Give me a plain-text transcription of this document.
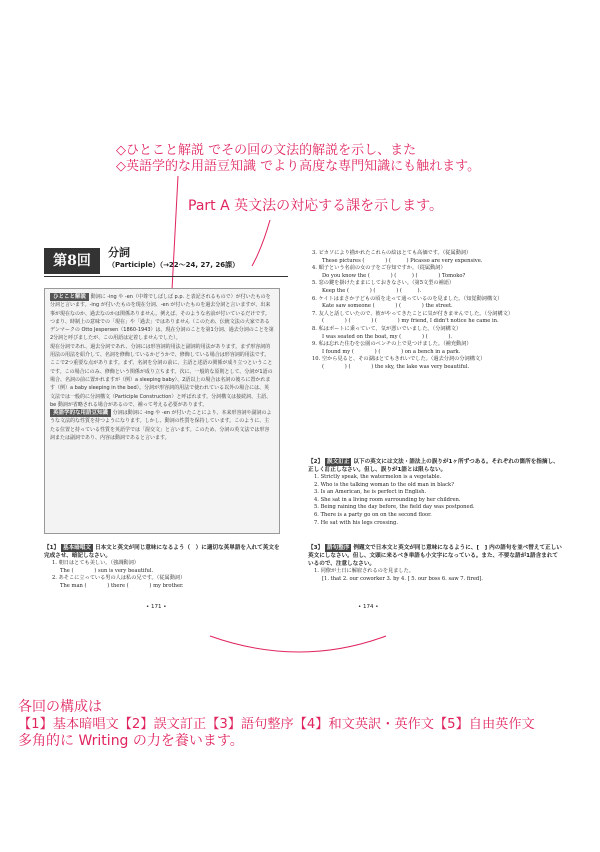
◇ひとこと解説 でその回の文法的解説を示し、また
◇英語学的な用語豆知識 でより高度な専門知識にも触れます。
Part A 英文法の対応する課を示します。
第8回
分詞
（Participle）（→22～24, 27, 26課）
ひとこと解説 動詞に -ing や -en（中尊でしばしば p.p. と表記されるもので）が付いたものを分詞と言います。-ing が付いたものを現在分詞、-en が付いたものを過去分詞と言いますが、出来事が現在なのか、過去なのかは関係ありません。例えば、そのような名前が付いているだけです。つまり、時制上の意味での「現在」や「過去」ではありません（このため、伝統文法の大家であるデンマークの Otto Jespersen（1860-1943）は、現在分詞のことを第1分詞、過去分詞のことを第2分詞と呼びましたが、この用語は定着しませんでした）。
現在分詞であれ、過去分詞であれ、分詞には形容詞的用法と副詞的用法があります。まず形容詞的用法の用法を紹介して、名詞を修飾しているかどうかで、修飾している場合は形容詞的用法です。ここで2つ重要な点があります。まず、名詞を分詞の前に、主語と述語の関係が成り立つということです。この場合にのみ、修飾という関係が成り立ちます。次に、一般的な原則として、分詞が1語の場合、名詞の前に置かれますが（例）a sleeping baby）、2語以上の場合は名詞の後ろに置かれます（例）a baby sleeping in the bed）。分詞が形容詞的用法で使われている以外の場合には、英文法では一般的に分詞構文（Participle Construction）と呼ばれます。分詞構文は接続詞、主語、be 動詞が省略される場合があるので、補って考える必要があります。
英語学的な用語豆知識 分詞は動詞に -ing や -en が付いたことにより、本来形容詞や副詞のような文法的な性質を持つようになります。しかし、動詞の性質を保持しています。このように、主たる位置と持っている性質を英語学では「混交文」と言います。このため、分詞の英文法では形容詞または副詞であり、内容は動詞であると言います。
【1】 基本暗唱文 日本文と英文が同じ意味になるよう（　）に適切な英単語を入れて英文を完成させ、暗記しなさい。
1. 朝日はとても美しい。（強調動詞）
The (　　　　) sun is very beautiful.
2. あそこに立っている男の人は私の兄です。（従属動詞）
The man (　　　　) there (　　　　) my brother.
• 171 •
3. ピカソにより描かれたこれらの絵はとても高価です。（従属動詞）
These pictures (　　　　) (　　　) Picasso are very expensive.
4. 順子という名前の女の子をご存知ですか。（従属動詞）
Do you know the (　　　　) (　　　) (　　　　) Tomoko?
5. 窓の鍵を掛けたままにしておきなさい。（第5文型の補語）
Keep the (　　　　) (　　　　) (　　　).
6. ケイトはまさか子どもの頃を走って通っているのを見ました。（知覚動詞構文）
Kate saw someone (　　　　) (　　　　) the street.
7. 友人と話していたので、彼がやってきたことに気が付きませんでした。（分詞構文）
(　　　　) (　　　　) (　　　　) my friend, I didn't notice he came in.
8. 私はボートに乗っていて、気が悪いでいました。（分詞構文）
I was seated on the boat, my (　　　　) (　　　　).
9. 私は忘れた住むを公園のベンチの上で見つけました。（補充動詞）
I found my (　　　　) (　　　　) on a bench in a park.
10. 空から見ると、その湖はとてもきれいでした。（過去分詞の分詞構文）
(　　　　) (　　　　) the sky, the lake was very beautiful.
【2】 誤文訂正 以下の英文には文法・語法上の誤りが1ヶ所ずつある。それぞれの箇所を指摘し、正しく訂正しなさい。但し、誤りが1語とは限らない。
1. Strictly speak, the watermelon is a vegetable.
2. Who is the talking woman to the old man in black?
3. Is an American, he is perfect in English.
4. She sat in a living room surrounding by her children.
5. Being raining the day before, the field day was postponed.
6. There is a party go on on the second floor.
7. He sat with his legs crossing.
【3】 語句整序 例題文で日本文と英文が同じ意味になるように、[　] 内の語句を並べ替えて正しい英文にしなさい。但し、文頭に来るべき単語も小文字になっている。また、不要な語が1語含まれているので、注意しなさい。
1. 同僚が土日に解雇されるのを見ました。
[1. that 2. our coworker 3. by 4. [ 5. our boss 6. saw 7. fired].
• 174 •
各回の構成は
【1】基本暗唱文【2】誤文訂正【3】語句整序【4】和文英訳・英作文【5】自由英作文
多角的に Writing の力を養います。
